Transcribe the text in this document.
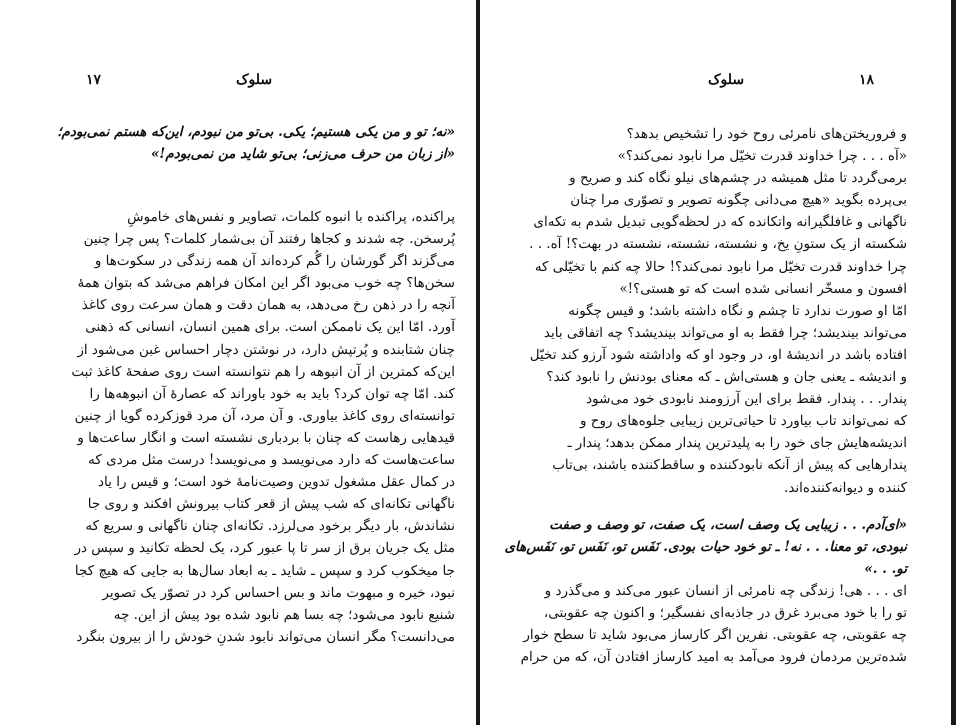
١٧	سلوک
«نه؛ تو و من یکی هستیم؛ یکی. بی‌تو من نبودم، این‌که هستم نمی‌بودم؛
«از زبان من حرف می‌زنی؛ بی‌تو شاید من نمی‌بودم!»
پراکنده، پراکنده با انبوه کلمات، تصاویر و نفس‌های خاموشِ
پُرسخن. چه شدند و کجاها رفتند آن بی‌شمار کلمات؟ پس چرا چنین
می‌گزند اگر گورشان را گُم کرده‌اند آن همه زندگی در سکوت‌ها و
سخن‌ها؟ چه خوب می‌بود اگر این امکان فراهم می‌شد که بتوان همهٔ
آنچه را در ذهن رخ می‌دهد، به همان دقت و همان سرعت روی کاغذ
آورد. امّا این یک ناممکن است. برای همین انسان، انسانی که ذهنی
چنان شتابنده و پُرتپش دارد، در نوشتن دچار احساس غبن می‌شود از
این‌که کمترین از آن انبوهه را هم نتوانسته است روی صفحهٔ کاغذ ثبت
کند. امّا چه توان کرد؟ باید به خود باوراند که عصارهٔ آن انبوهه‌ها را
توانسته‌ای روی کاغذ بیاوری. و آن مرد، آن مرد قوزکرده گویا از چنین
قیدهایی رهاست که چنان با بردباری نشسته است و انگار ساعت‌ها و
ساعت‌هاست که دارد می‌نویسد و می‌نویسد! درست مثل مردی که
در کمال عقل مشغول تدوین وصیت‌نامهٔ خود است؛ و قیس را یاد
ناگهانی تکانه‌ای که شب پیش از قعر کتاب بیرونش افکند و روی جا
نشاندش، بار دیگر برخود می‌لرزد. تکانه‌ای چنان ناگهانی و سریع که
مثل یک جریان برق از سر تا پا عبور کرد، یک لحظه تکانید و سپس در
جا میخکوب کرد و سپس ـ شاید ـ به ابعاد سال‌ها به جایی که هیچ کجا
نبود، خیره و مبهوت ماند و بس احساس کرد در تصوّر یک تصویر
شنیع نابود می‌شود؛ چه بسا هم نابود شده بود پیش از این. چه
می‌دانست؟ مگر انسان می‌تواند نابود شدنِ خودش را از بیرون بنگرد
١٨
سلوک
و فروریختن‌های نامرئی روح خود را تشخیص بدهد؟
«آه . . . چرا خداوند قدرت تخیّل مرا نابود نمی‌کند؟»
برمی‌گردد تا مثل همیشه در چشم‌های نیلو نگاه کند و صریح و
بی‌پرده بگوید «هیچ می‌دانی چگونه تصویر و تصوّری مرا چنان
ناگهانی و غافلگیرانه واتکانده که در لحظه‌گویی تبدیل شدم به تکه‌ای
شکسته از یک ستونِ یخ، و نشسته، نشسته، نشسته در بهت؟! آه. . .
چرا خداوند قدرت تخیّل مرا نابود نمی‌کند؟! حالا چه کنم با تخیّلی که
افسون و مسخّر انسانی شده است که تو هستی؟!»
امّا او صورت ندارد تا چشم و نگاه داشته باشد؛ و قیس چگونه
می‌تواند بیندیشد؛ چرا فقط به او می‌تواند بیندیشد؟ چه اتفاقی باید
افتاده باشد در اندیشهٔ او، در وجود او که واداشته شود آرزو کند تخیّل
و اندیشه ـ یعنی جان و هستی‌اش ـ که معنای بودنش را نابود کند؟
پندار. . . پندار. فقط برای این آرزومند نابودی خود می‌شود
که نمی‌تواند تاب بیاورد تا حیاتی‌ترین زیبایی جلوه‌های روح و
اندیشه‌هایش جای خود را به پلیدترین پندار ممکن بدهد؛ پندار ـ
پندارهایی که پیش از آنکه نابودکننده و ساقط‌کننده باشند، بی‌تاب
کننده و دیوانه‌کننده‌اند.
«ای‌آدم. . . زیبایی یک وصف است، یک صفت، تو وصف و صفت
نبودی، تو معنا. . . نه! ـ تو خود حیات بودی. نَفَس تو، نَفَس تو، نَفَس‌های
تو. . .»
ای . . . هی! زندگی چه نامرئی از انسان عبور می‌کند و می‌گذرد و
تو را با خود می‌برد غرق در جاذبه‌ای نفسگیر؛ و اکنون چه عقوبتی،
چه عقوبتی، چه عقوبتی. نفرین اگر کارساز می‌بود شاید تا سطح خوار
شده‌ترین مردمان فرود می‌آمد به امید کارساز افتادن آن، که من حرام
